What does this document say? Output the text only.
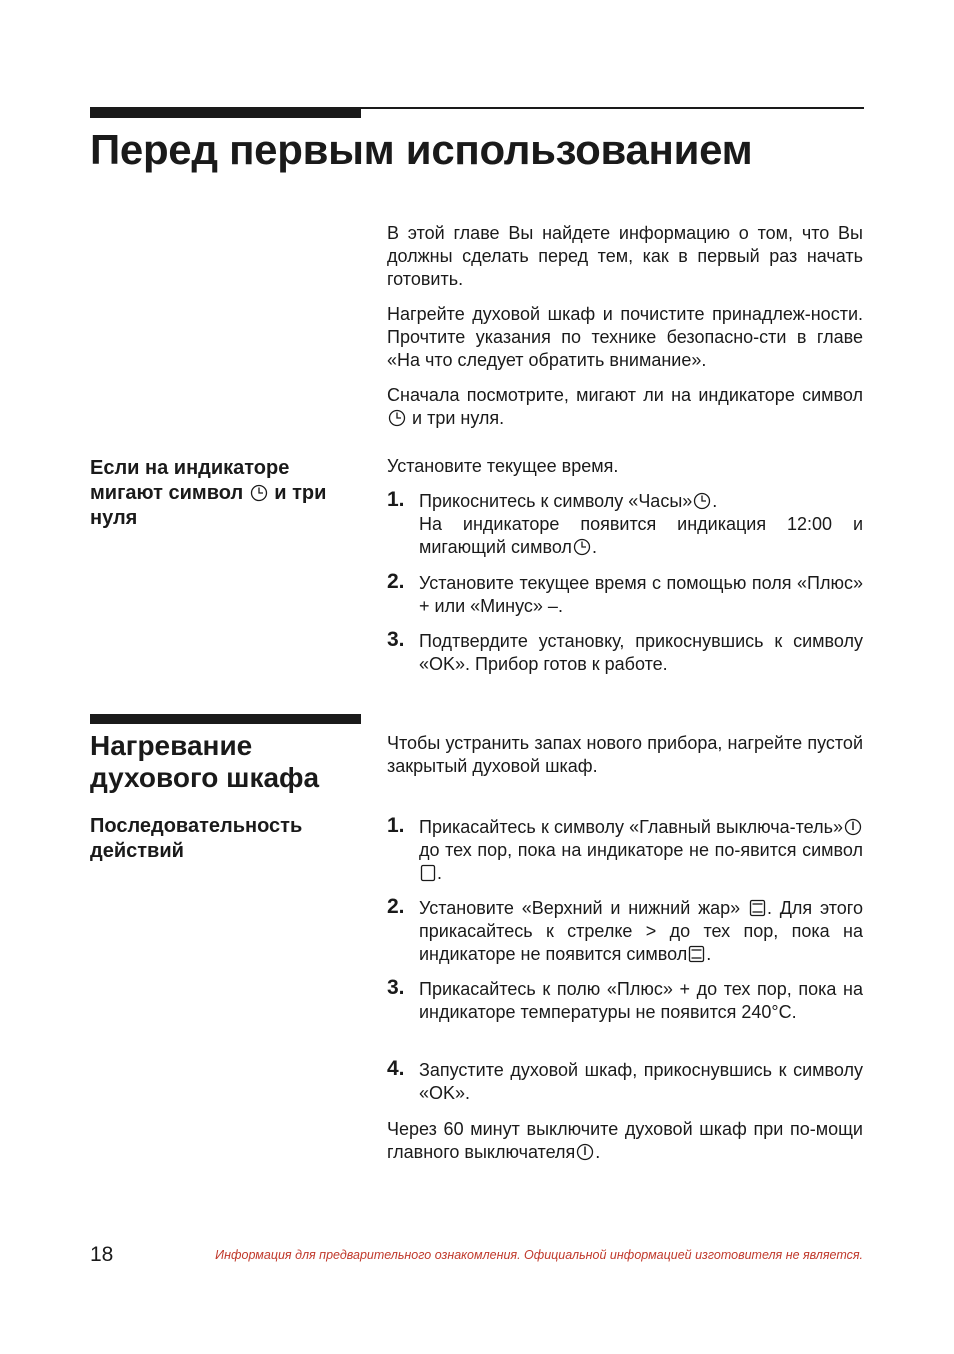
Перед первым использованием

В этой главе Вы найдете информацию о том, что Вы должны сделать перед тем, как в первый раз начать готовить.

Нагрейте духовой шкаф и почистите принадлеж-ности. Прочтите указания по технике безопасно-сти в главе «На что следует обратить внимание».

Сначала посмотрите, мигают ли на индикаторе символ  и три нуля.

Если на индикаторе мигают символ и три нуля

Установите текущее время.

1. Прикоснитесь к символу «Часы» .
На индикаторе появится индикация 12:00 и мигающий символ .

2. Установите текущее время с помощью поля «Плюс» + или «Минус» –.

3. Подтвердите установку, прикоснувшись к символу «OK». Прибор готов к работе.

Нагревание духового шкафа
Последовательность действий

Чтобы устранить запах нового прибора, нагрейте пустой закрытый духовой шкаф.

1. Прикасайтесь к символу «Главный выключа-тель» до тех пор, пока на индикаторе не по-явится символ .

2. Установите «Верхний и нижний жар» . Для этого прикасайтесь к стрелке > до тех пор, пока на индикаторе не появится символ .

3. Прикасайтесь к полю «Плюс» + до тех пор, пока на индикаторе температуры не появится 240°C.

4. Запустите духовой шкаф, прикоснувшись к символу «OK».

Через 60 минут выключите духовой шкаф при по-мощи главного выключателя .

18	Информация для предварительного ознакомления. Официальной информацией изготовителя не является.
